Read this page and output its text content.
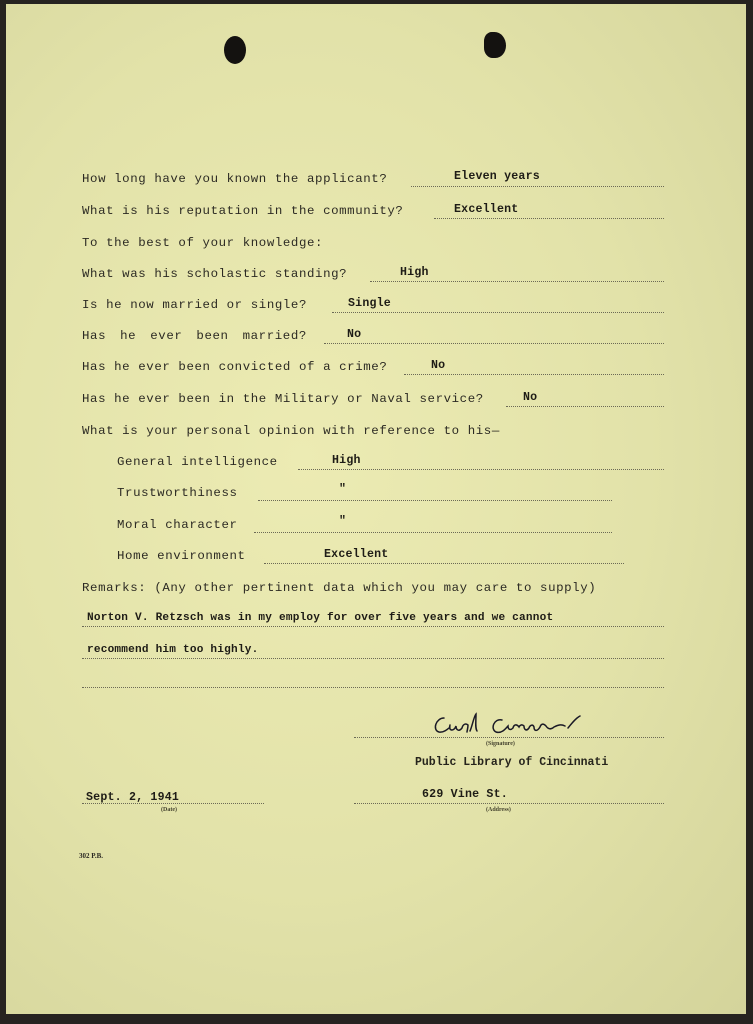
How long have you known the applicant?	Eleven years
What is his reputation in the community?	Excellent
To the best of your knowledge:
What was his scholastic standing?	High
Is he now married or single?	Single
Has he ever been married?	No
Has he ever been convicted of a crime?	No
Has he ever been in the Military or Naval service?	No
What is your personal opinion with reference to his—
General intelligence	High
Trustworthiness	"
Moral character	"
Home environment	Excellent
Remarks: (Any other pertinent data which you may care to supply)
Norton V. Retzsch was in my employ for over five years and we cannot
recommend him too highly.
(Signature)
Public Library of Cincinnati
Sept. 2, 1941
(Date)
629 Vine St.
(Address)
302 P.B.
